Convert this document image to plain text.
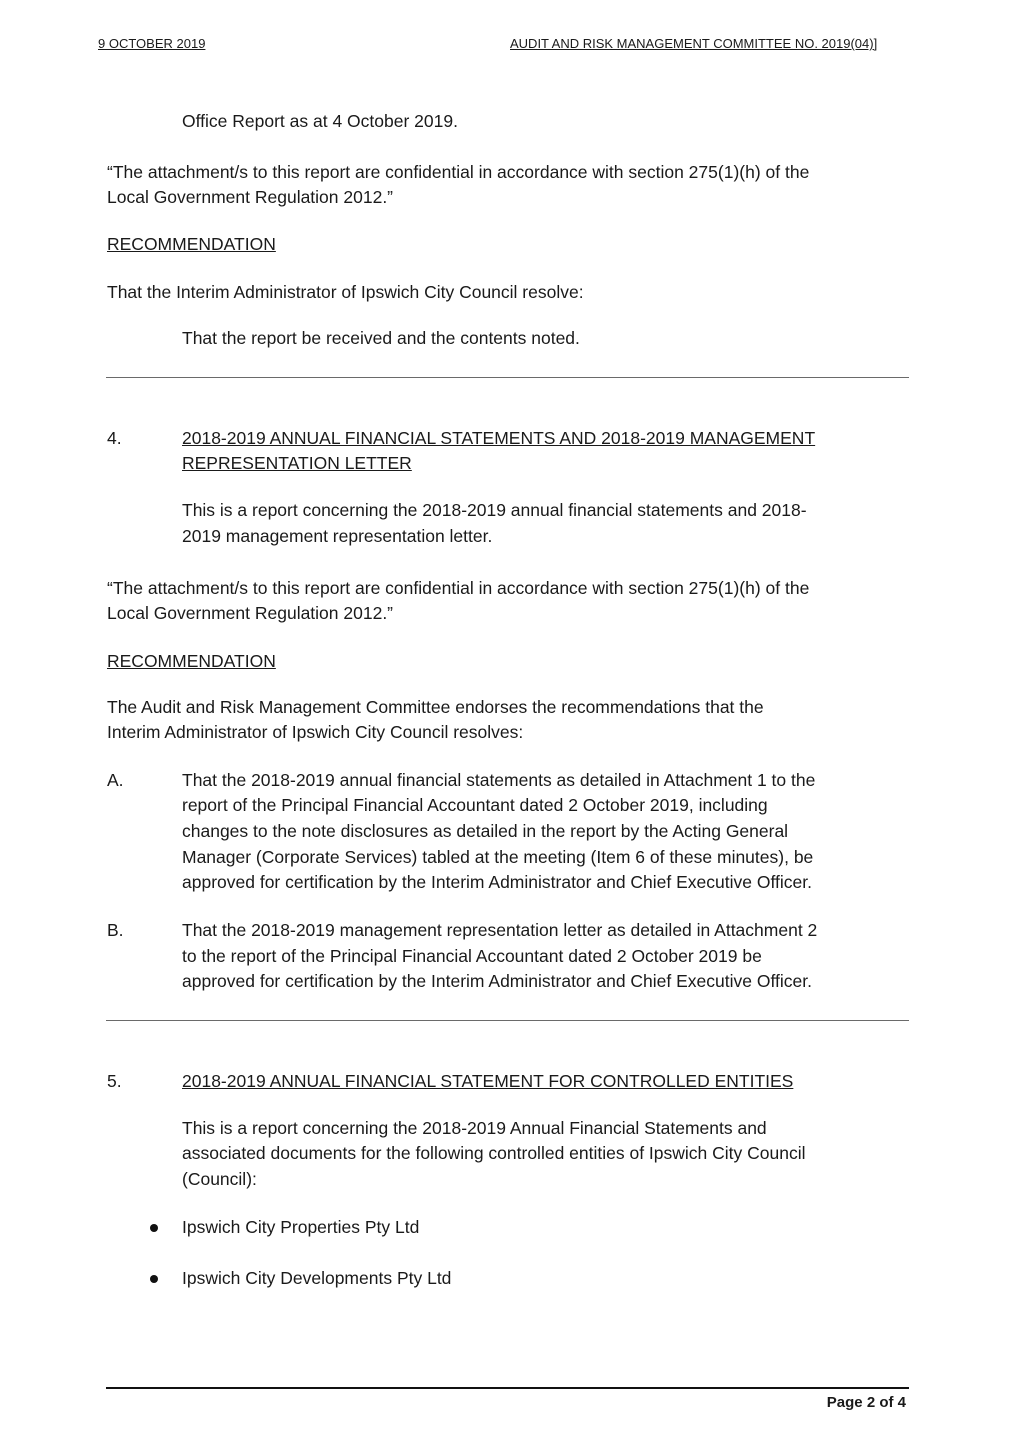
9 OCTOBER 2019	AUDIT AND RISK MANAGEMENT COMMITTEE NO. 2019(04)]

Office Report as at 4 October 2019.

“The attachment/s to this report are confidential in accordance with section 275(1)(h) of the

Local Government Regulation 2012.”

RECOMMENDATION

That the Interim Administrator of Ipswich City Council resolve:

That the report be received and the contents noted.

4.	2018-2019 ANNUAL FINANCIAL STATEMENTS AND 2018-2019 MANAGEMENT

REPRESENTATION LETTER

This is a report concerning the 2018-2019 annual financial statements and 2018-

2019 management representation letter.

“The attachment/s to this report are confidential in accordance with section 275(1)(h) of the

Local Government Regulation 2012.”

RECOMMENDATION

The Audit and Risk Management Committee endorses the recommendations that the

Interim Administrator of Ipswich City Council resolves:

A.	That the 2018-2019 annual financial statements as detailed in Attachment 1 to the

report of the Principal Financial Accountant dated 2 October 2019, including

changes to the note disclosures as detailed in the report by the Acting General

Manager (Corporate Services) tabled at the meeting (Item 6 of these minutes), be

approved for certification by the Interim Administrator and Chief Executive Officer.

B.	That the 2018-2019 management representation letter as detailed in Attachment 2

to the report of the Principal Financial Accountant dated 2 October 2019 be

approved for certification by the Interim Administrator and Chief Executive Officer.

5.	2018-2019 ANNUAL FINANCIAL STATEMENT FOR CONTROLLED ENTITIES

This is a report concerning the 2018-2019 Annual Financial Statements and

associated documents for the following controlled entities of Ipswich City Council

(Council):

Ipswich City Properties Pty Ltd

Ipswich City Developments Pty Ltd

Page 2 of 4
